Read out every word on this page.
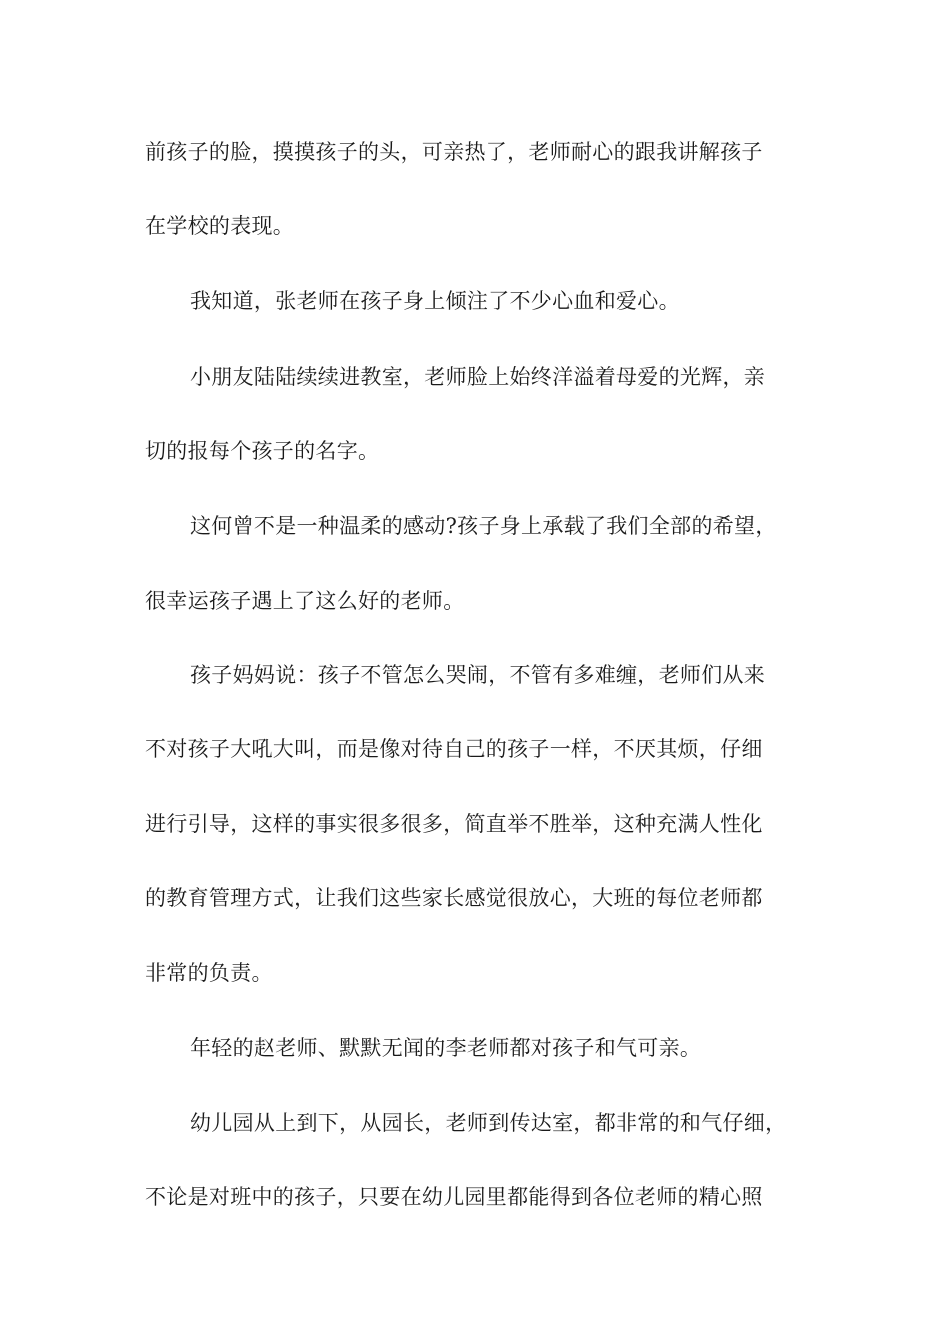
前孩子的脸，摸摸孩子的头，可亲热了，老师耐心的跟我讲解孩子
在学校的表现。
我知道，张老师在孩子身上倾注了不少心血和爱心。
小朋友陆陆续续进教室，老师脸上始终洋溢着母爱的光辉，亲
切的报每个孩子的名字。
这何曾不是一种温柔的感动?孩子身上承载了我们全部的希望，
很幸运孩子遇上了这么好的老师。
孩子妈妈说：孩子不管怎么哭闹，不管有多难缠，老师们从来
不对孩子大吼大叫，而是像对待自己的孩子一样，不厌其烦，仔细
进行引导，这样的事实很多很多，简直举不胜举，这种充满人性化
的教育管理方式，让我们这些家长感觉很放心，大班的每位老师都
非常的负责。
年轻的赵老师、默默无闻的李老师都对孩子和气可亲。
幼儿园从上到下，从园长，老师到传达室，都非常的和气仔细，
不论是对班中的孩子，只要在幼儿园里都能得到各位老师的精心照
